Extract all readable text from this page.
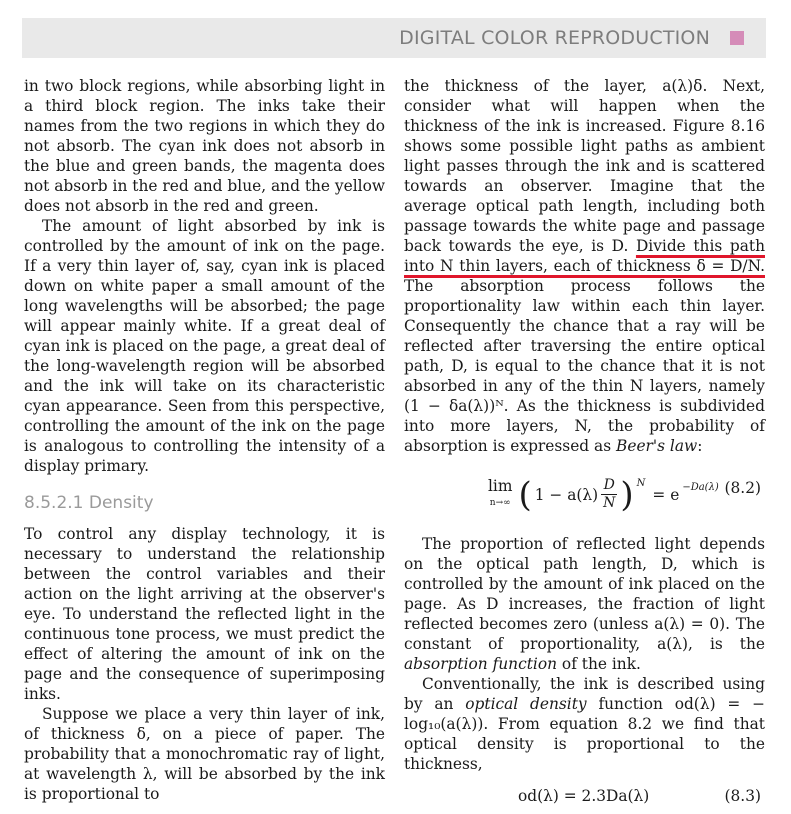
DIGITAL COLOR REPRODUCTION

in two block regions, while absorbing light in a third block region. The inks take their names from the two regions in which they do not absorb. The cyan ink does not absorb in the blue and green bands, the magenta does not absorb in the red and blue, and the yellow does not absorb in the red and green.

The amount of light absorbed by ink is controlled by the amount of ink on the page. If a very thin layer of, say, cyan ink is placed down on white paper a small amount of the long wavelengths will be absorbed; the page will appear mainly white. If a great deal of cyan ink is placed on the page, a great deal of the long-wavelength region will be absorbed and the ink will take on its characteristic cyan appearance. Seen from this perspective, controlling the amount of the ink on the page is analogous to controlling the intensity of a display primary.

8.5.2.1 Density

To control any display technology, it is necessary to understand the relationship between the control variables and their action on the light arriving at the observer's eye. To understand the reflected light in the continuous tone process, we must predict the effect of altering the amount of ink on the page and the consequence of superimposing inks.

Suppose we place a very thin layer of ink, of thickness δ, on a piece of paper. The probability that a monochromatic ray of light, at wavelength λ, will be absorbed by the ink is proportional to

the thickness of the layer, a(λ)δ. Next, consider what will happen when the thickness of the ink is increased. Figure 8.16 shows some possible light paths as ambient light passes through the ink and is scattered towards an observer. Imagine that the average optical path length, including both passage towards the white page and passage back towards the eye, is D. Divide this path into N thin layers, each of thickness δ = D/N. The absorption process follows the proportionality law within each thin layer. Consequently the chance that a ray will be reflected after traversing the entire optical path, D, is equal to the chance that it is not absorbed in any of the thin N layers, namely (1 − δa(λ))ᴺ. As the thickness is subdivided into more layers, N, the probability of absorption is expressed as Beer's law:

lim
n→∞ ( $1 - a(\lambda) \frac{D}{N}$ ) N
= e −Da(λ) (8.2)

The proportion of reflected light depends on the optical path length, D, which is controlled by the amount of ink placed on the page. As D increases, the fraction of light reflected becomes zero (unless a(λ) = 0). The constant of proportionality, a(λ), is the absorption function of the ink.

Conventionally, the ink is described using by an optical density function od(λ) = − log₁₀(a(λ)). From equation 8.2 we find that optical density is proportional to the thickness,

od(λ) = 2.3Da(λ)	(8.3)
